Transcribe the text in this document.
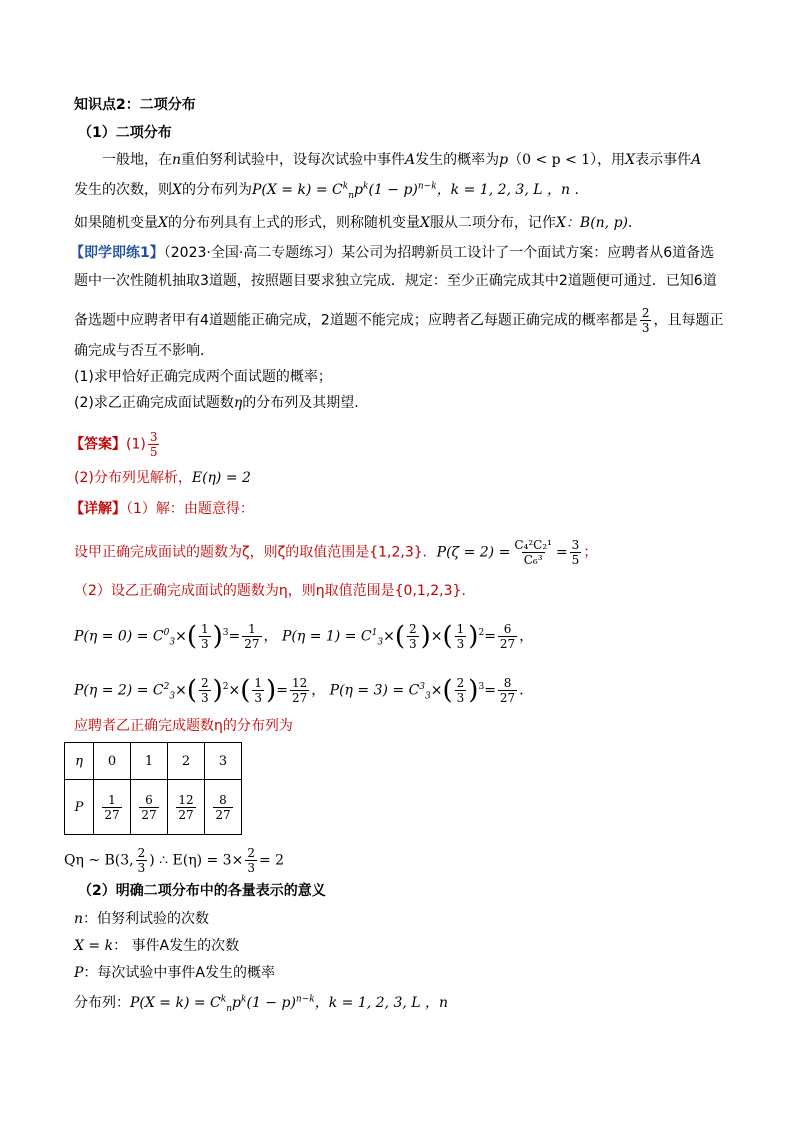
知识点2：二项分布
（1）二项分布
一般地，在n重伯努利试验中，设每次试验中事件A发生的概率为p（0 < p < 1），用X表示事件A
发生的次数，则X的分布列为$P(X = k) = C^k_np^k(1 - p)^{n-k}$，k = 1, 2, 3, L ，n .
如果随机变量X的分布列具有上式的形式，则称随机变量X服从二项分布，记作X：B(n, p)．
【即学即练1】（2023·全国·高二专题练习）某公司为招聘新员工设计了一个面试方案：应聘者从6道备选
题中一次性随机抽取3道题，按照题目要求独立完成．规定：至少正确完成其中2道题便可通过．已知6道
备选题中应聘者甲有4道题能正确完成，2道题不能完成；应聘者乙每题正确完成的概率都是 $\frac{2}{3}$ ，且每题正
确完成与否互不影响．
(1)求甲恰好正确完成两个面试题的概率；
(2)求乙正确完成面试题数η的分布列及其期望.
【答案】$(1) \frac{3}{5}$
(2)分布列见解析，E(η) = 2
【详解】（1）解：由题意得：
设甲正确完成面试的题数为ζ，则ζ的取值范围是{1,2,3}．$P(\zeta = 2) = \frac{\text{C₄²C₂¹}}{\text{C₆³}} = \frac{3}{5}$ ；
（2）设乙正确完成面试的题数为η，则η取值范围是{0,1,2,3}．
$P(\eta = 0) = C^0_3\times( \frac{1}{3} )^3= \frac{1}{27}$ ， $P(\eta = 1) = C^1_3\times( \frac{2}{3}$ )×( $\frac{1}{3} )^2= \frac{6}{27}$ ，
$P(\eta = 2) = C^2_3\times( \frac{2}{3} )^2\times( \frac{1}{3}$ )= $\frac{12}{27}$ ， $P(\eta = 3) = C^3_3\times( \frac{2}{3} )^3= \frac{8}{27}$ ．
应聘者乙正确完成题数η的分布列为
η	0	1	2	3
P	$\frac{1}{27}$	$\frac{6}{27}$	$\frac{12}{27}$	$\frac{8}{27}$
Qη ~ B(3, $\frac{2}{3}$ ) ∴ $E(\eta) = 3\times \frac{2}{3} = 2$
（2）明确二项分布中的各量表示的意义
n：伯努利试验的次数
X = k： 事件A发生的次数
P：每次试验中事件A发生的概率
分布列：$P(X = k) = C^k_np^k(1 - p)^{n-k}$，k = 1, 2, 3, L ，n
